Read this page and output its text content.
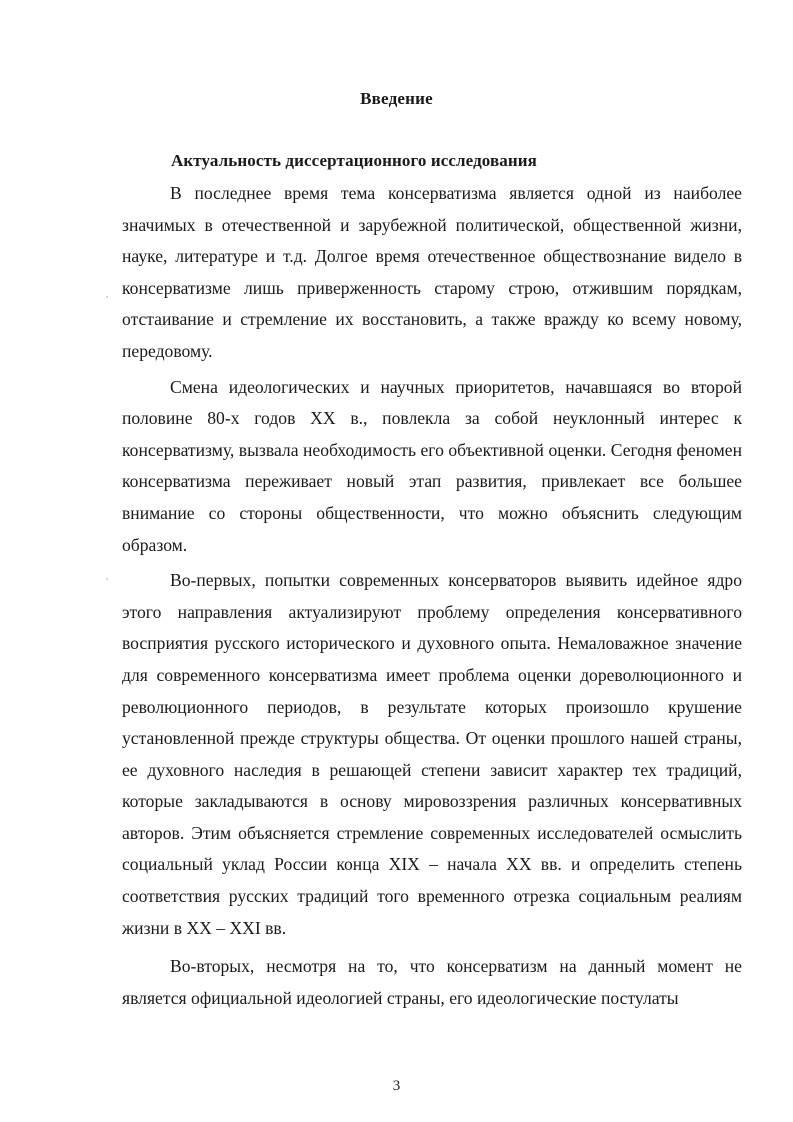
Введение
Актуальность диссертационного исследования

В последнее время тема консерватизма является одной из наиболее значимых в отечественной и зарубежной политической, общественной жизни, науке, литературе и т.д. Долгое время отечественное обществознание видело в консерватизме лишь приверженность старому строю, отжившим порядкам, отстаивание и стремление их восстановить, а также вражду ко всему новому, передовому.

Смена идеологических и научных приоритетов, начавшаяся во второй половине 80-х годов XX в., повлекла за собой неуклонный интерес к консерватизму, вызвала необходимость его объективной оценки. Сегодня феномен консерватизма переживает новый этап развития, привлекает все большее внимание со стороны общественности, что можно объяснить следующим образом.

Во-первых, попытки современных консерваторов выявить идейное ядро этого направления актуализируют проблему определения консервативного восприятия русского исторического и духовного опыта. Немаловажное значение для современного консерватизма имеет проблема оценки дореволюционного и революционного периодов, в результате которых произошло крушение установленной прежде структуры общества. От оценки прошлого нашей страны, ее духовного наследия в решающей степени зависит характер тех традиций, которые закладываются в основу мировоззрения различных консервативных авторов. Этим объясняется стремление современных исследователей осмыслить социальный уклад России конца XIX – начала XX вв. и определить степень соответствия русских традиций того временного отрезка социальным реалиям жизни в XX – XXI вв.

Во-вторых, несмотря на то, что консерватизм на данный момент не является официальной идеологией страны, его идеологические постулаты

3
